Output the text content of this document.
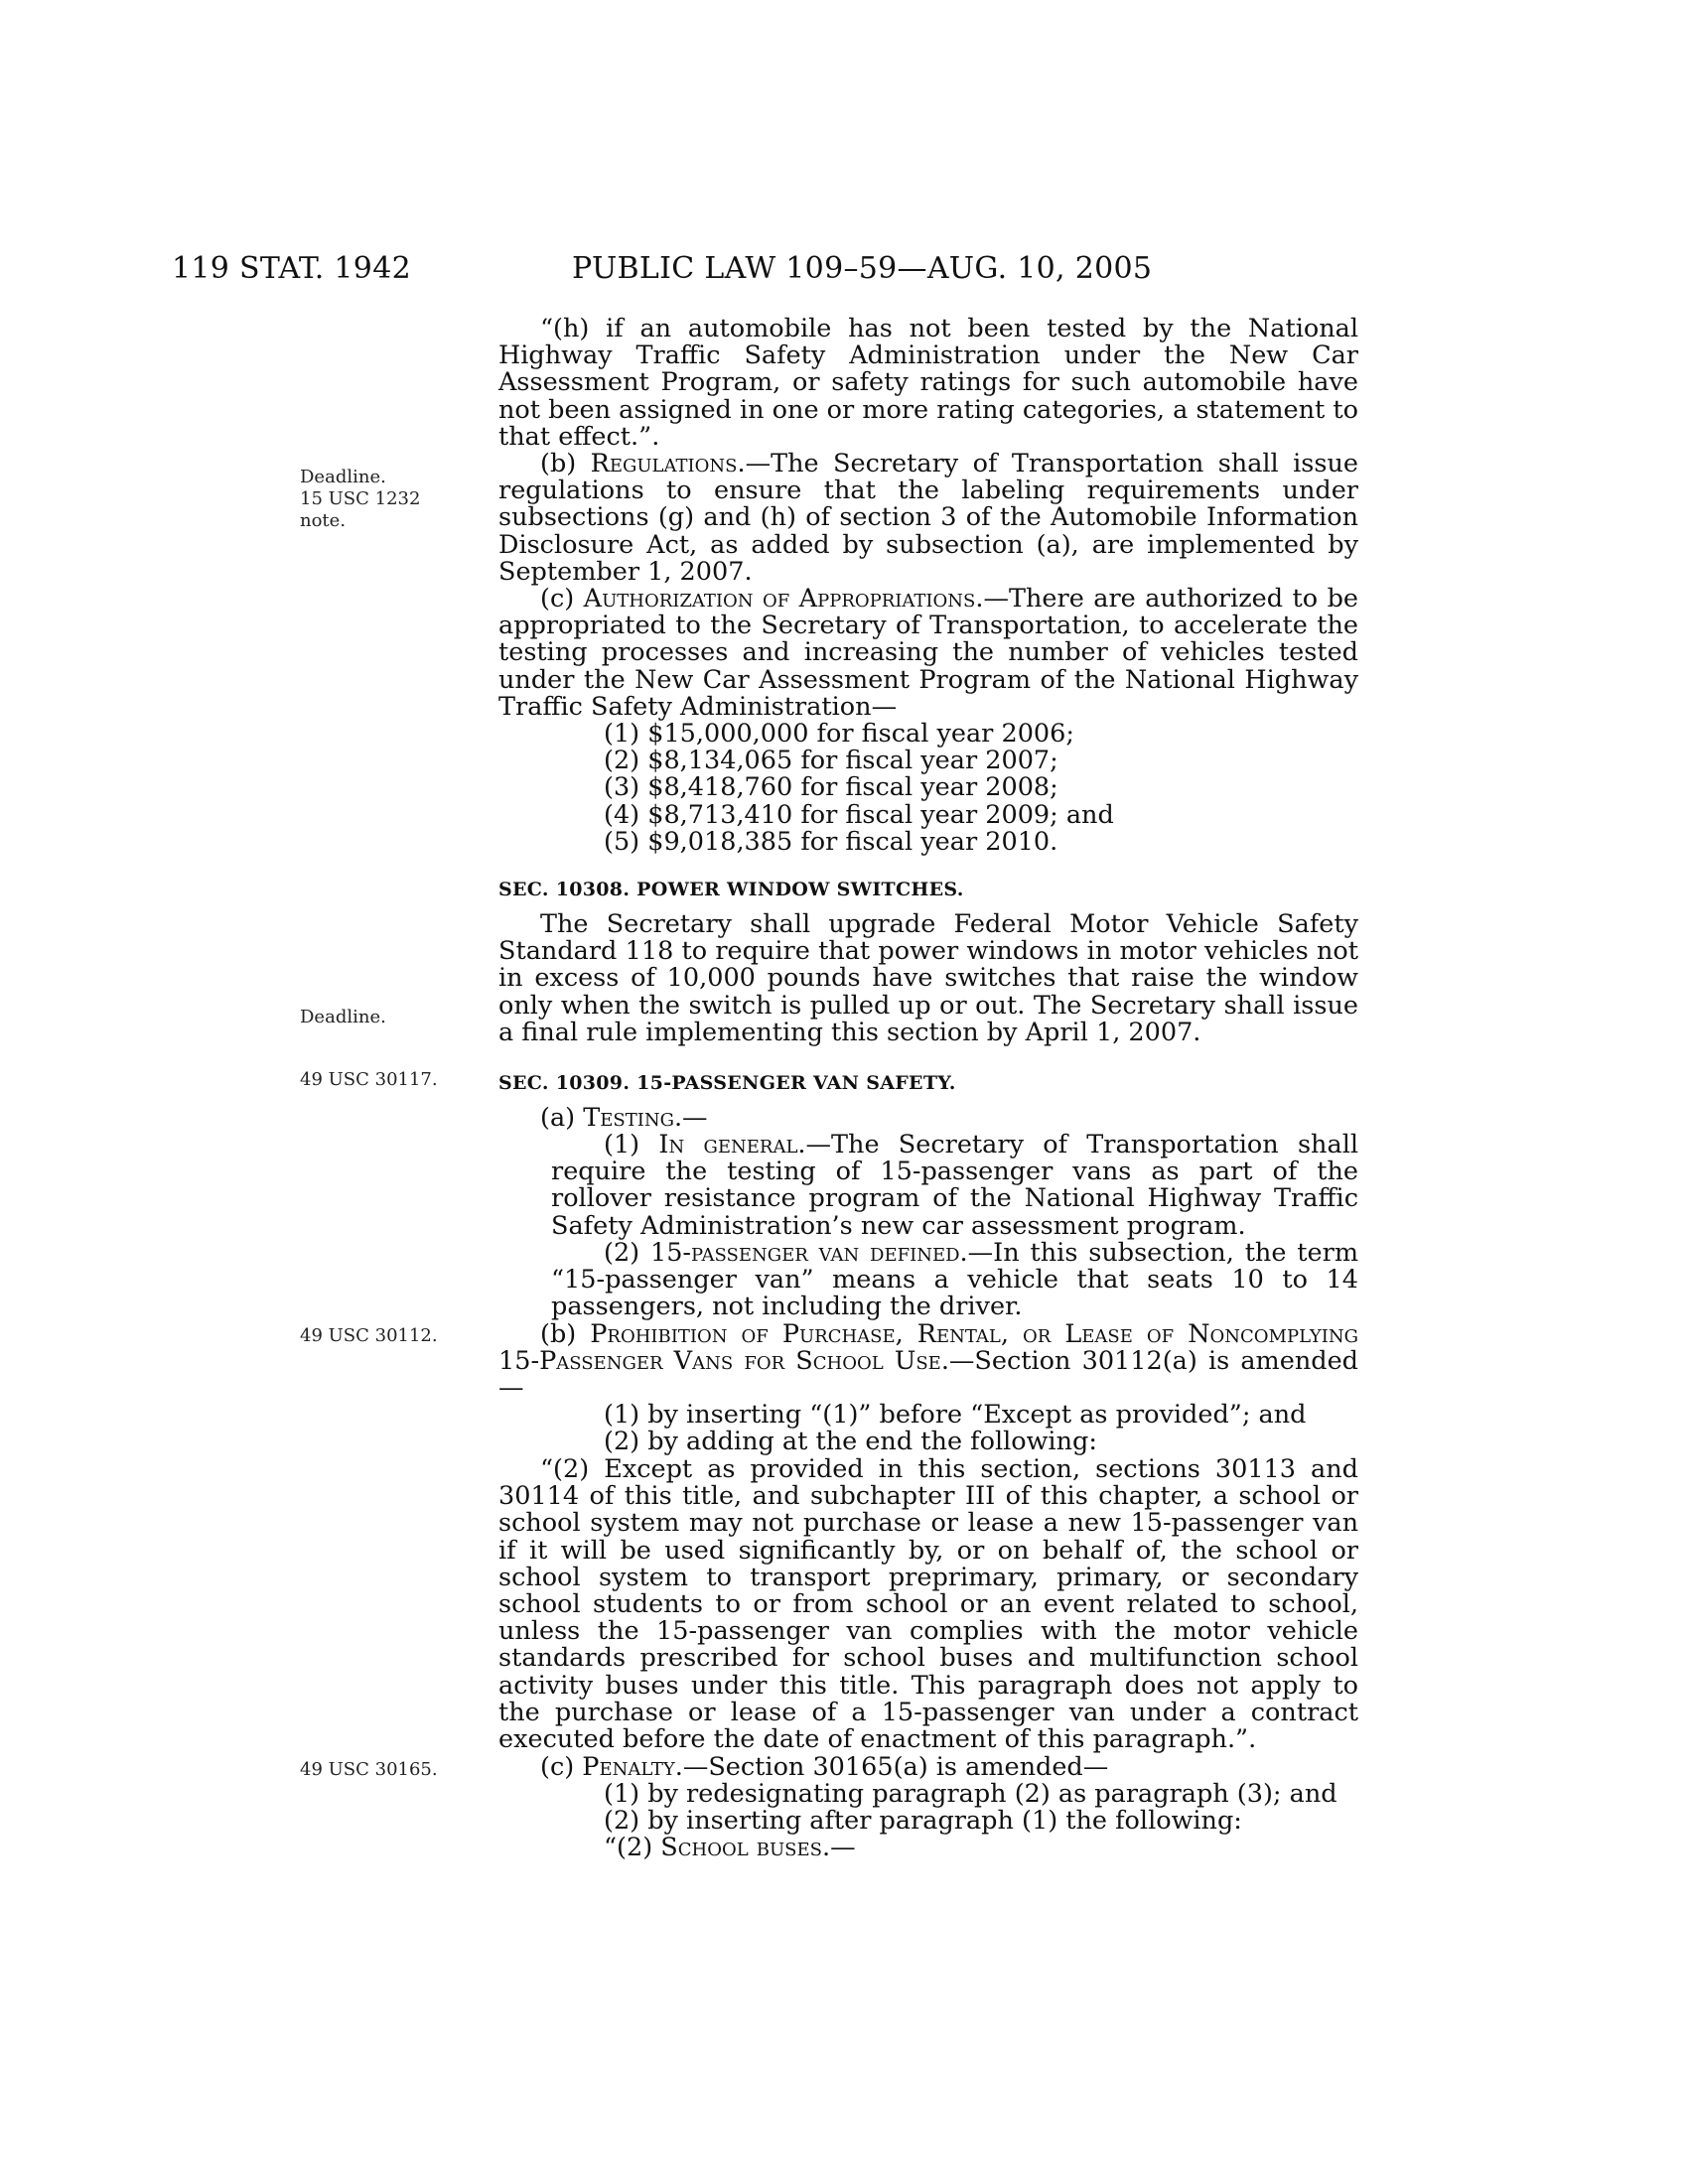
119 STAT. 1942	PUBLIC LAW 109–59—AUG. 10, 2005
Deadline.
15 USC 1232
note.
Deadline.
49 USC 30117.
49 USC 30112.
49 USC 30165.
“(h) if an automobile has not been tested by the National Highway Traffic Safety Administration under the New Car Assessment Program, or safety ratings for such automobile have not been assigned in one or more rating categories, a statement to that effect.”.
(b) Regulations.—The Secretary of Transportation shall issue regulations to ensure that the labeling requirements under subsections (g) and (h) of section 3 of the Automobile Information Disclosure Act, as added by subsection (a), are implemented by September 1, 2007.
(c) Authorization of Appropriations.—There are authorized to be appropriated to the Secretary of Transportation, to accelerate the testing processes and increasing the number of vehicles tested under the New Car Assessment Program of the National Highway Traffic Safety Administration—
(1) $15,000,000 for fiscal year 2006;
(2) $8,134,065 for fiscal year 2007;
(3) $8,418,760 for fiscal year 2008;
(4) $8,713,410 for fiscal year 2009; and
(5) $9,018,385 for fiscal year 2010.
SEC. 10308. POWER WINDOW SWITCHES.
The Secretary shall upgrade Federal Motor Vehicle Safety Standard 118 to require that power windows in motor vehicles not in excess of 10,000 pounds have switches that raise the window only when the switch is pulled up or out. The Secretary shall issue a final rule implementing this section by April 1, 2007.
SEC. 10309. 15-PASSENGER VAN SAFETY.
(a) Testing.—
(1) In general.—The Secretary of Transportation shall require the testing of 15-passenger vans as part of the rollover resistance program of the National Highway Traffic Safety Administration’s new car assessment program.
(2) 15-passenger van defined.—In this subsection, the term “15-passenger van” means a vehicle that seats 10 to 14 passengers, not including the driver.
(b) Prohibition of Purchase, Rental, or Lease of Noncomplying 15-Passenger Vans for School Use.—Section 30112(a) is amended—
(1) by inserting “(1)” before “Except as provided”; and
(2) by adding at the end the following:
“(2) Except as provided in this section, sections 30113 and 30114 of this title, and subchapter III of this chapter, a school or school system may not purchase or lease a new 15-passenger van if it will be used significantly by, or on behalf of, the school or school system to transport preprimary, primary, or secondary school students to or from school or an event related to school, unless the 15-passenger van complies with the motor vehicle standards prescribed for school buses and multifunction school activity buses under this title. This paragraph does not apply to the purchase or lease of a 15-passenger van under a contract executed before the date of enactment of this paragraph.”.
(c) Penalty.—Section 30165(a) is amended—
(1) by redesignating paragraph (2) as paragraph (3); and
(2) by inserting after paragraph (1) the following:
“(2) School buses.—
